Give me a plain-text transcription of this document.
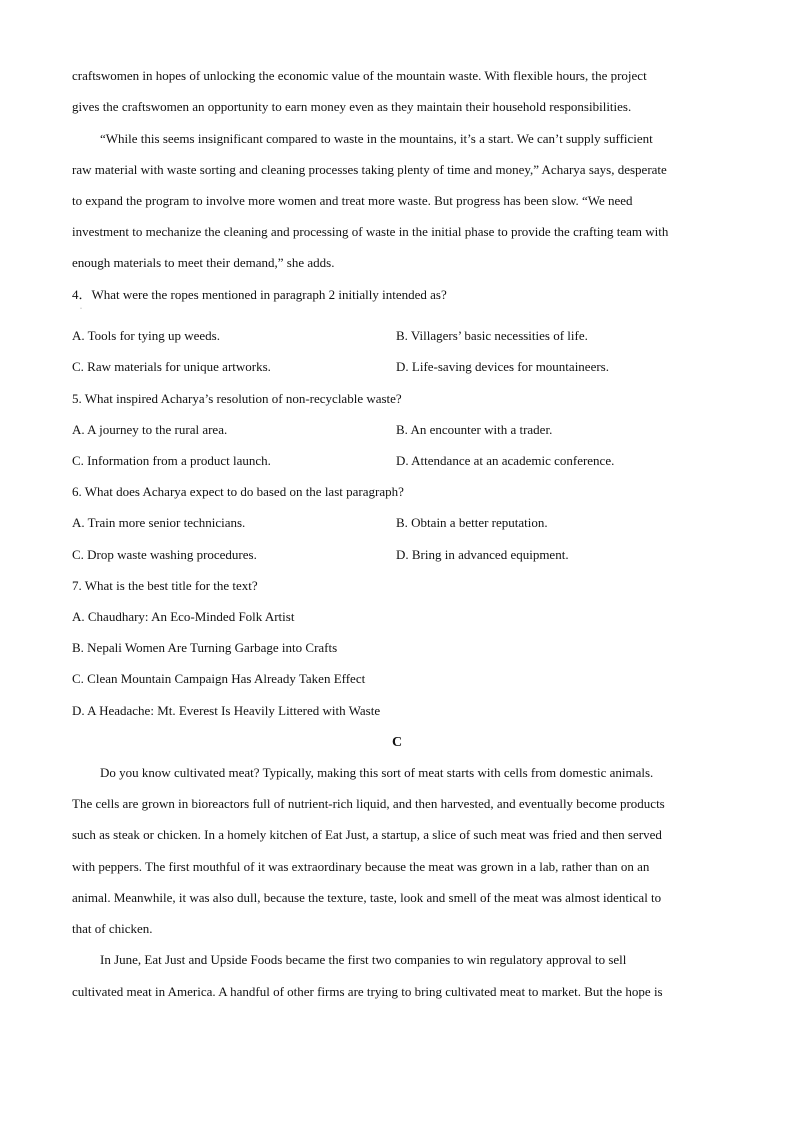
craftswomen in hopes of unlocking the economic value of the mountain waste. With flexible hours, the project
gives the craftswomen an opportunity to earn money even as they maintain their household responsibilities.
“While this seems insignificant compared to waste in the mountains, it’s a start. We can’t supply sufficient
raw material with waste sorting and cleaning processes taking plenty of time and money,” Acharya says, desperate
to expand the program to involve more women and treat more waste. But progress has been slow. “We need
investment to mechanize the cleaning and processing of waste in the initial phase to provide the crafting team with
enough materials to meet their demand,” she adds.
4．What were the ropes mentioned in paragraph 2 initially intended as?
·
A. Tools for tying up weeds.	B. Villagers’ basic necessities of life.
C. Raw materials for unique artworks.	D. Life-saving devices for mountaineers.
5. What inspired Acharya’s resolution of non-recyclable waste?
A. A journey to the rural area.	B. An encounter with a trader.
C. Information from a product launch.	D. Attendance at an academic conference.
6. What does Acharya expect to do based on the last paragraph?
A. Train more senior technicians.	B. Obtain a better reputation.
C. Drop waste washing procedures.	D. Bring in advanced equipment.
7. What is the best title for the text?
A. Chaudhary: An Eco-Minded Folk Artist
B. Nepali Women Are Turning Garbage into Crafts
C. Clean Mountain Campaign Has Already Taken Effect
D. A Headache: Mt. Everest Is Heavily Littered with Waste
C
Do you know cultivated meat? Typically, making this sort of meat starts with cells from domestic animals.
The cells are grown in bioreactors full of nutrient-rich liquid, and then harvested, and eventually become products
such as steak or chicken. In a homely kitchen of Eat Just, a startup, a slice of such meat was fried and then served
with peppers. The first mouthful of it was extraordinary because the meat was grown in a lab, rather than on an
animal. Meanwhile, it was also dull, because the texture, taste, look and smell of the meat was almost identical to
that of chicken.
In June, Eat Just and Upside Foods became the first two companies to win regulatory approval to sell
cultivated meat in America. A handful of other firms are trying to bring cultivated meat to market. But the hope is
